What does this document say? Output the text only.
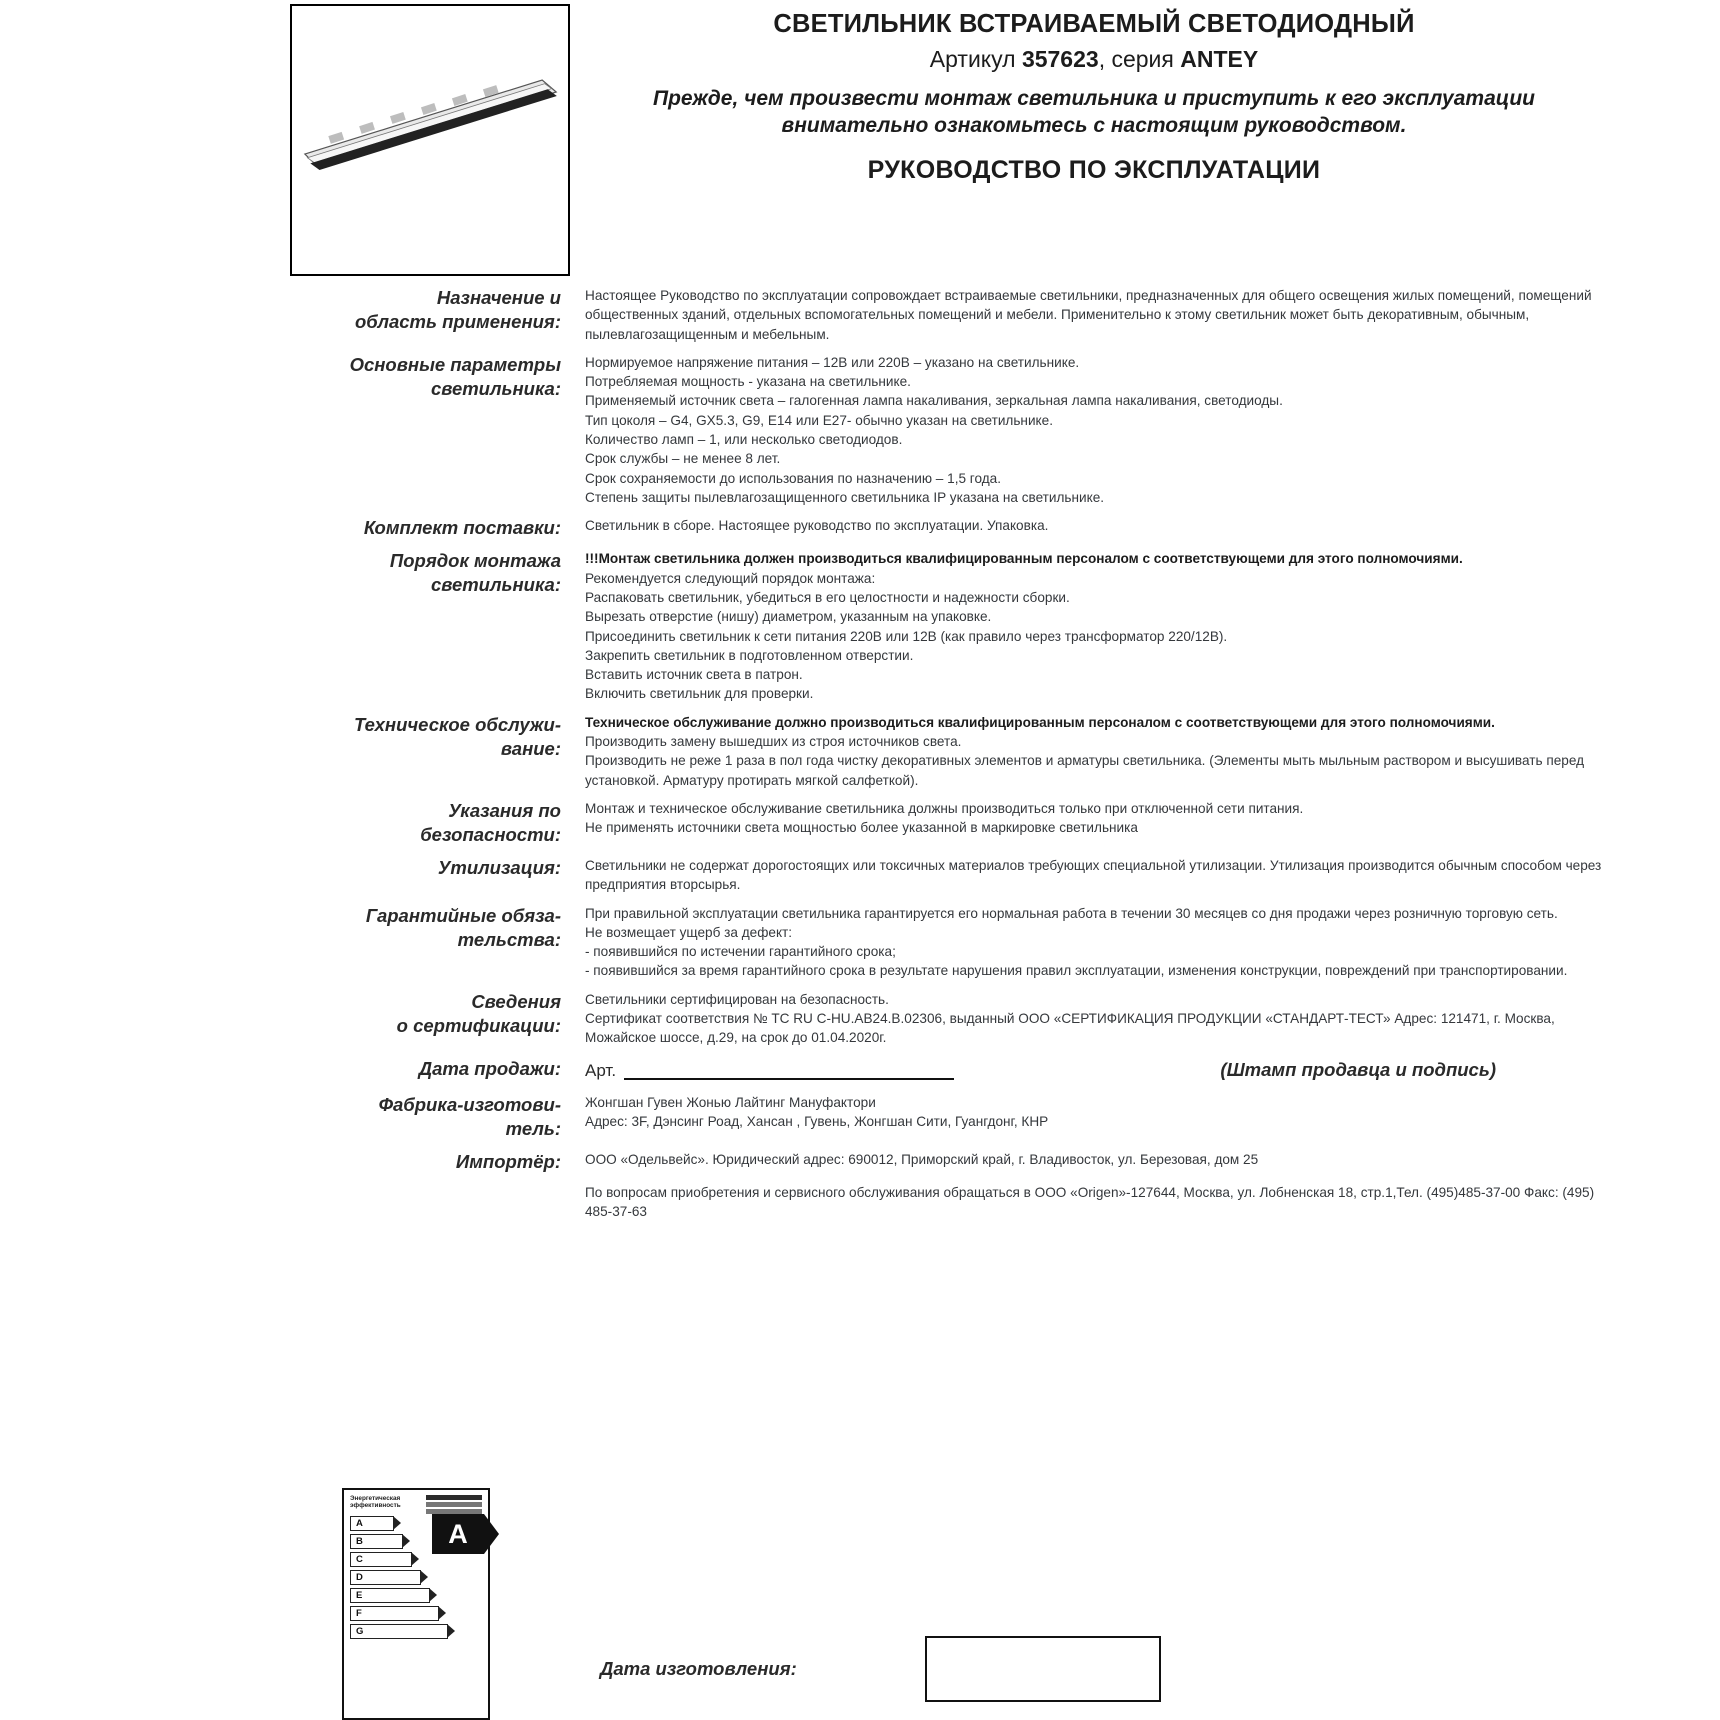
СВЕТИЛЬНИК ВСТРАИВАЕМЫЙ СВЕТОДИОДНЫЙ
Артикул 357623, серия ANTEY
Прежде, чем произвести монтаж светильника и приступить к его эксплуатации внимательно ознакомьтесь с настоящим руководством.
РУКОВОДСТВО ПО ЭКСПЛУАТАЦИИ
Назначение и
область применения:

Настоящее Руководство по эксплуатации сопровождает встраиваемые светильники, предназначенных для общего освещения жилых помещений, помещений общественных зданий, отдельных вспомогательных помещений и мебели. Применительно к этому светильник может быть декоративным, обычным, пылевлагозащищенным и мебельным.

Основные параметры
светильника:

Нормируемое напряжение питания – 12В или 220В – указано на светильнике.

Потребляемая мощность - указана на светильнике.

Применяемый источник света – галогенная лампа накаливания, зеркальная лампа накаливания, светодиоды.

Тип цоколя – G4, GX5.3, G9, E14 или E27- обычно указан на светильнике.

Количество ламп – 1, или несколько светодиодов.

Срок службы – не менее 8 лет.

Срок сохраняемости до использования по назначению – 1,5 года.

Степень защиты пылевлагозащищенного светильника IP указана на светильнике.

Комплект поставки:	Светильник в сборе. Настоящее руководство по эксплуатации. Упаковка.

Порядок монтажа
светильника:

!!!Монтаж светильника должен производиться квалифицированным персоналом с соответствующеми для этого полномочиями.

Рекомендуется следующий порядок монтажа:

Распаковать светильник, убедиться в его целостности и надежности сборки.

Вырезать отверстие (нишу) диаметром, указанным на упаковке.

Присоединить светильник к сети питания 220В или 12В (как правило через трансформатор 220/12В).

Закрепить светильник в подготовленном отверстии.

Вставить источник света в патрон.

Включить светильник для проверки.

Техническое обслужи-
вание:

Техническое обслуживание должно производиться квалифицированным персоналом с соответствующеми для этого полномочиями.

Производить замену вышедших из строя источников света.

Производить не реже 1 раза в пол года чистку декоративных элементов и арматуры светильника. (Элементы мыть мыльным раствором и высушивать перед установкой. Арматуру протирать мягкой салфеткой).

Указания по
безопасности:

Монтаж и техническое обслуживание светильника должны производиться только при отключенной сети питания.

Не применять источники света мощностью более указанной в маркировке светильника

Утилизация:	Светильники не содержат дорогостоящих или токсичных материалов требующих специальной утилизации. Утилизация производится обычным способом через предприятия вторсырья.

Гарантийные обяза-
тельства:

При правильной эксплуатации светильника гарантируется его нормальная работа в течении 30 месяцев со дня продажи через розничную торговую сеть.

Не возмещает ущерб за дефект:

- появившийся по истечении гарантийного срока;

- появившийся за время гарантийного срока в результате нарушения правил эксплуатации, изменения конструкции, повреждений при транспортировании.

Сведения
о сертификации:

Светильники сертифицирован на безопасность.

Сертификат соответствия № ТС RU C-HU.АВ24.В.02306, выданный ООО «СЕРТИФИКАЦИЯ ПРОДУКЦИИ «СТАНДАРТ-ТЕСТ» Адрес: 121471, г. Москва, Можайское шоссе, д.29, на срок до 01.04.2020г.

Дата продажи:	Арт.	(Штамп продавца и подпись)
Фабрика-изготови-
тель:

Жонгшан Гувен Жонью Лайтинг Мануфактори

Адрес: 3F, Дэнсинг Роад, Хансан , Гувень, Жонгшан Сити, Гуангдонг, КНР

Импортёр:	ООО «Одельвейс». Юридический адрес: 690012, Приморский край, г. Владивосток, ул. Березовая, дом 25

По вопросам приобретения и сервисного обслуживания обращаться в ООО «Origen»-127644, Москва, ул. Лобненская 18, стр.1,Тел. (495)485-37-00 Факс: (495) 485-37-63

Энергетическая эффективность
A
B
C
D
E
F
G
A
Дата изготовления:
